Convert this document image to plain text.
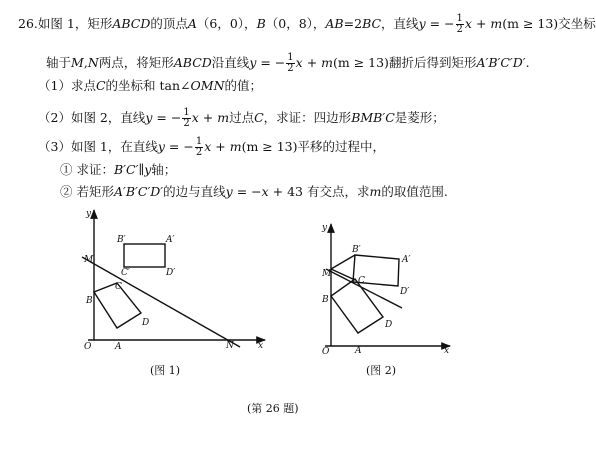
26.如图 1，矩形ABCD的顶点A（6，0），B（0，8），AB=2BC，直线y = − $\frac{1}{2}$ x + m(m ≥ 13)交坐标
轴于M,N两点，将矩形ABCD沿直线y = − $\frac{1}{2}$ x + m(m ≥ 13)翻折后得到矩形A′B′C′D′.
（1）求点C的坐标和 tan∠OMN的值；
（2）如图 2，直线y = − $\frac{1}{2}$ x + m过点C，求证：四边形BMB′C是菱形；
（3）如图 1，在直线y = − $\frac{1}{2}$ x + m(m ≥ 13)平移的过程中，
① 求证：B′C′∥y轴；
② 若矩形A′B′C′D′的边与直线y = −x + 43 有交点，求m的取值范围.
y
x
O	A
B
C
D
M
N
B′	A′
C′	D′
y
x
O	A
B
C
D
M
B′
A′
D′
(图 1)	(图 2)
(第 26 题)
